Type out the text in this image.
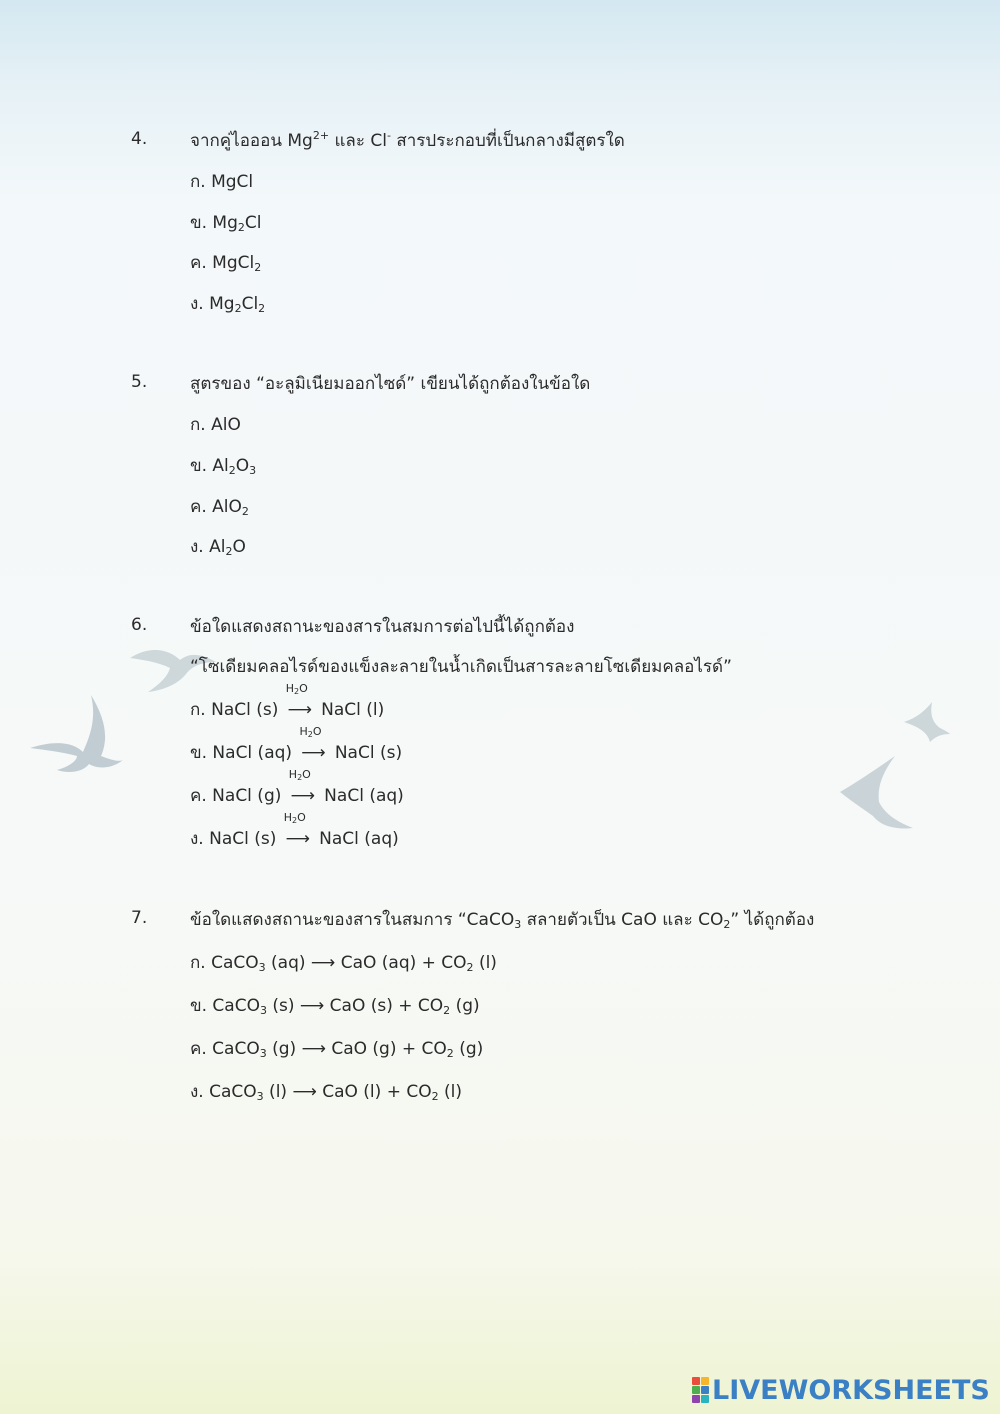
4.	จากคู่ไอออน $Mg^{2+}$ และ Cl- สารประกอบที่เป็นกลางมีสูตรใด
ก. MgCl
ข. $Mg_2Cl$
ค. MgCl$_2$
ง. $Mg_2Cl_2$
5.	สูตรของ “อะลูมิเนียมออกไซด์” เขียนได้ถูกต้องในข้อใด
ก. AlO
ข. $Al_2O_3$
ค. AlO$_2$
ง. $Al_2O$
6.	ข้อใดแสดงสถานะของสารในสมการต่อไปนี้ได้ถูกต้อง
“โซเดียมคลอไรด์ของแข็งละลายในน้ำเกิดเป็นสารละลายโซเดียมคลอไรด์”
ก. NaCl (s)
$H_2O$
⟶ NaCl (l)
ข. NaCl (aq)
$H_2O$
⟶ NaCl (s)
ค. NaCl (g)
$H_2O$
⟶ NaCl (aq)
ง. NaCl (s)
$H_2O$
⟶ NaCl (aq)
7.	ข้อใดแสดงสถานะของสารในสมการ “CaCO$_3$ สลายตัวเป็น CaO และ $CO_2$” ได้ถูกต้อง
ก. CaCO$_3$ (aq) ⟶ CaO $(aq) + CO_2$ (l)
ข. CaCO$_3$ (s) ⟶ CaO $(s) + CO_2$ (g)
ค. CaCO$_3$ (g) ⟶ CaO $(g) + CO_2$ (g)
ง. CaCO$_3$ (l) ⟶ CaO $(l) + CO_2$ (l)
LIVEWORKSHEETS
